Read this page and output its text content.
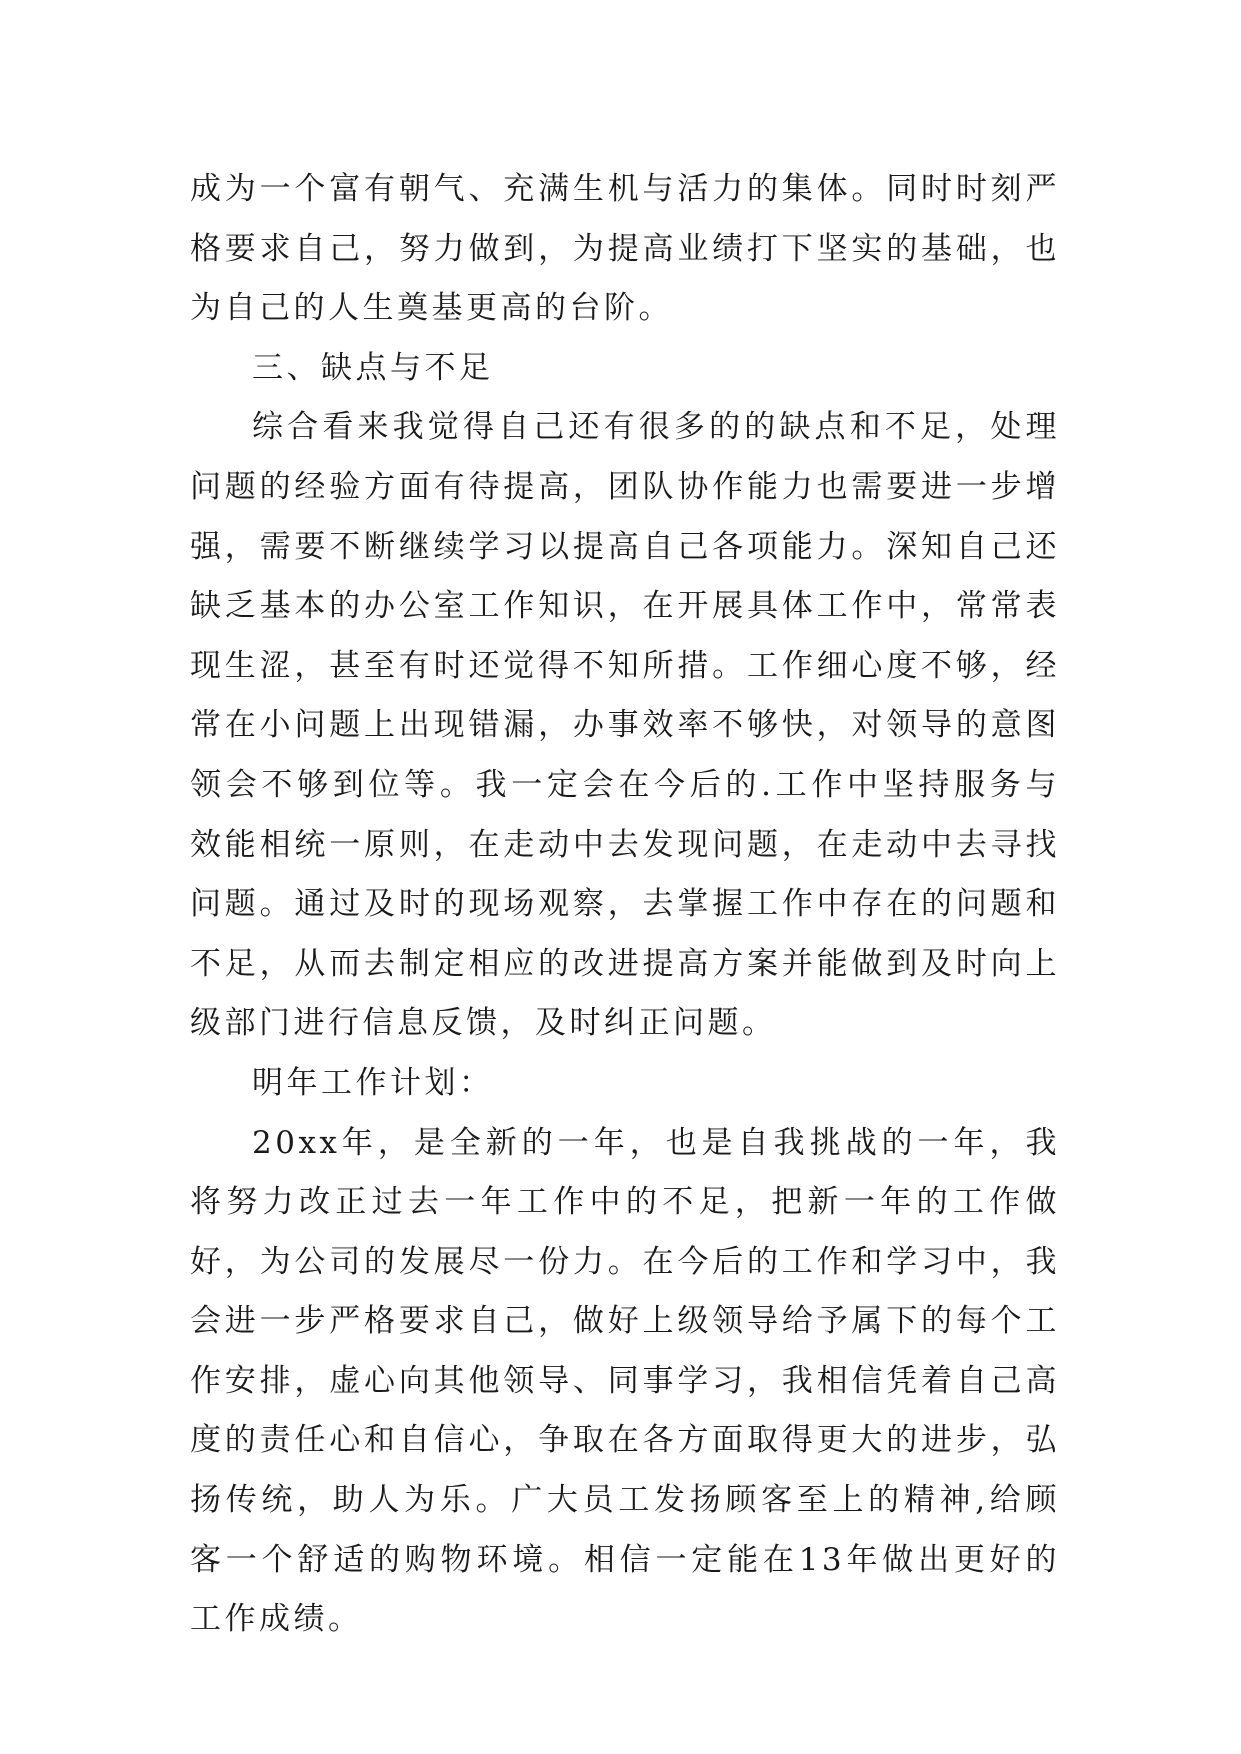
成为一个富有朝气、充满生机与活力的集体。同时时刻严格要求自己，努力做到，为提高业绩打下坚实的基础，也为自己的人生奠基更高的台阶。

三、缺点与不足

综合看来我觉得自己还有很多的的缺点和不足，处理问题的经验方面有待提高，团队协作能力也需要进一步增强，需要不断继续学习以提高自己各项能力。深知自己还缺乏基本的办公室工作知识，在开展具体工作中，常常表现生涩，甚至有时还觉得不知所措。工作细心度不够，经常在小问题上出现错漏，办事效率不够快，对领导的意图领会不够到位等。我一定会在今后的.工作中坚持服务与效能相统一原则，在走动中去发现问题，在走动中去寻找问题。通过及时的现场观察，去掌握工作中存在的问题和不足，从而去制定相应的改进提高方案并能做到及时向上级部门进行信息反馈，及时纠正问题。

明年工作计划：

20xx年，是全新的一年，也是自我挑战的一年，我将努力改正过去一年工作中的不足，把新一年的工作做好，为公司的发展尽一份力。在今后的工作和学习中，我会进一步严格要求自己，做好上级领导给予属下的每个工作安排，虚心向其他领导、同事学习，我相信凭着自己高度的责任心和自信心，争取在各方面取得更大的进步，弘扬传统，助人为乐。广大员工发扬顾客至上的精神,给顾客一个舒适的购物环境。相信一定能在13年做出更好的工作成绩。
